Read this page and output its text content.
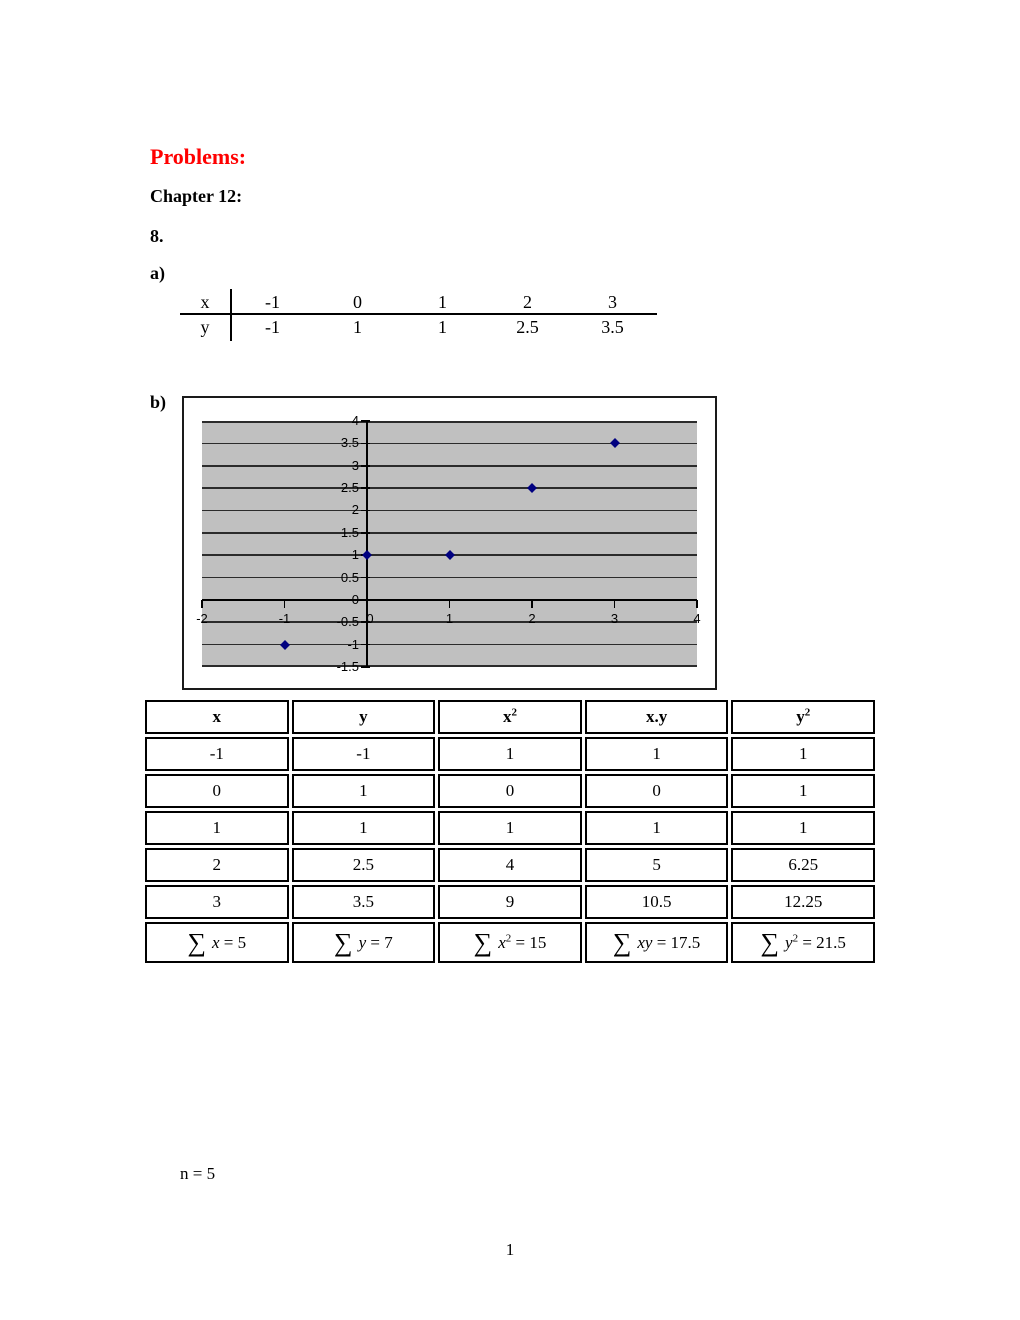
Problems:
Chapter 12:
8.
a)
x	-1	0	1	2	3
y	-1	1	1	2.5	3.5
b)
4
3.5
3
2.5
2
1.5
1
0.5
-0.5
-1
-1.5
-2	-1	0	1	2	3	4
x	y	$x^2$	x.y	$y^2$
-1	-1	1	1	1
0	1	0	0	1
1	1	1	1	1
2	2.5	4	5	6.25
3	3.5	9	10.5	12.25
∑ x = 5	∑ y = 7	∑ $x^2 = 15$	∑ xy = 17.5	∑ $y^2 = 21.5$
n = 5
1
